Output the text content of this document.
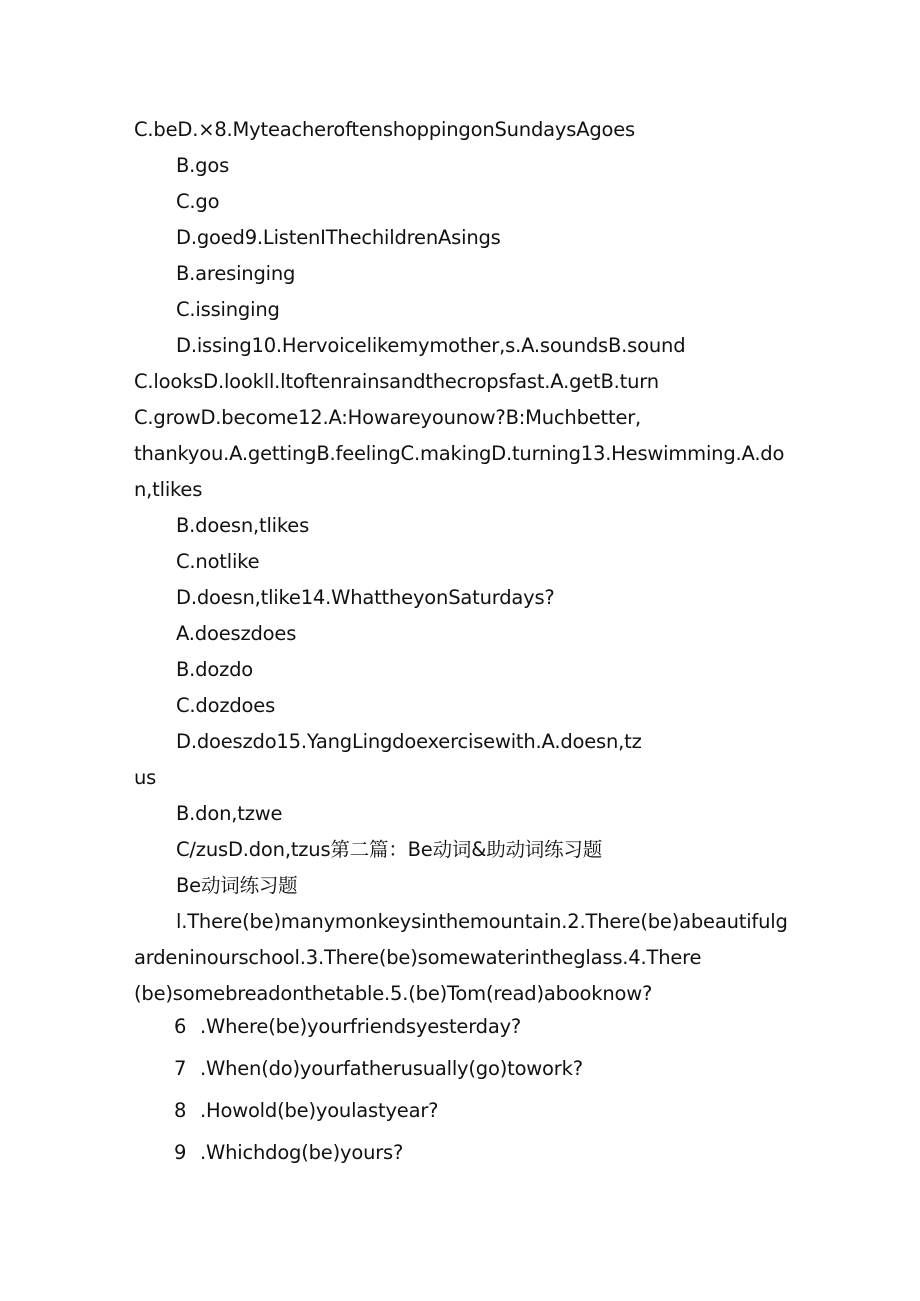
C.beD.×8.MyteacheroftenshoppingonSundaysAgoes
B.gos
C.go
D.goed9.ListenIThechildrenAsings
B.aresinging
C.issinging
D.issing10.Hervoicelikemymother,s.A.soundsB.sound
C.looksD.lookll.ltoftenrainsandthecropsfast.A.getB.turn
C.growD.become12.A:Howareyounow?B:Muchbetter,
thankyou.A.gettingB.feelingC.makingD.turning13.Heswimming.A.do
n,tlikes
B.doesn,tlikes
C.notlike
D.doesn,tlike14.WhattheyonSaturdays?
A.doeszdoes
B.dozdo
C.dozdoes
D.doeszdo15.YangLingdoexercisewith.A.doesn,tz
us
B.don,tzwe
C∕zusD.don,tzus第二篇：Be动词&助动词练习题
Be动词练习题
l.There(be)manymonkeysinthemountain.2.There(be)abeautifulg
ardeninourschool.3.There(be)somewaterintheglass.4.There
(be)somebreadonthetable.5.(be)Tom(read)abooknow?
6 .Where(be)yourfriendsyesterday?
7 .When(do)yourfatherusually(go)towork?
8 .Howold(be)youlastyear?
9 .Whichdog(be)yours?
